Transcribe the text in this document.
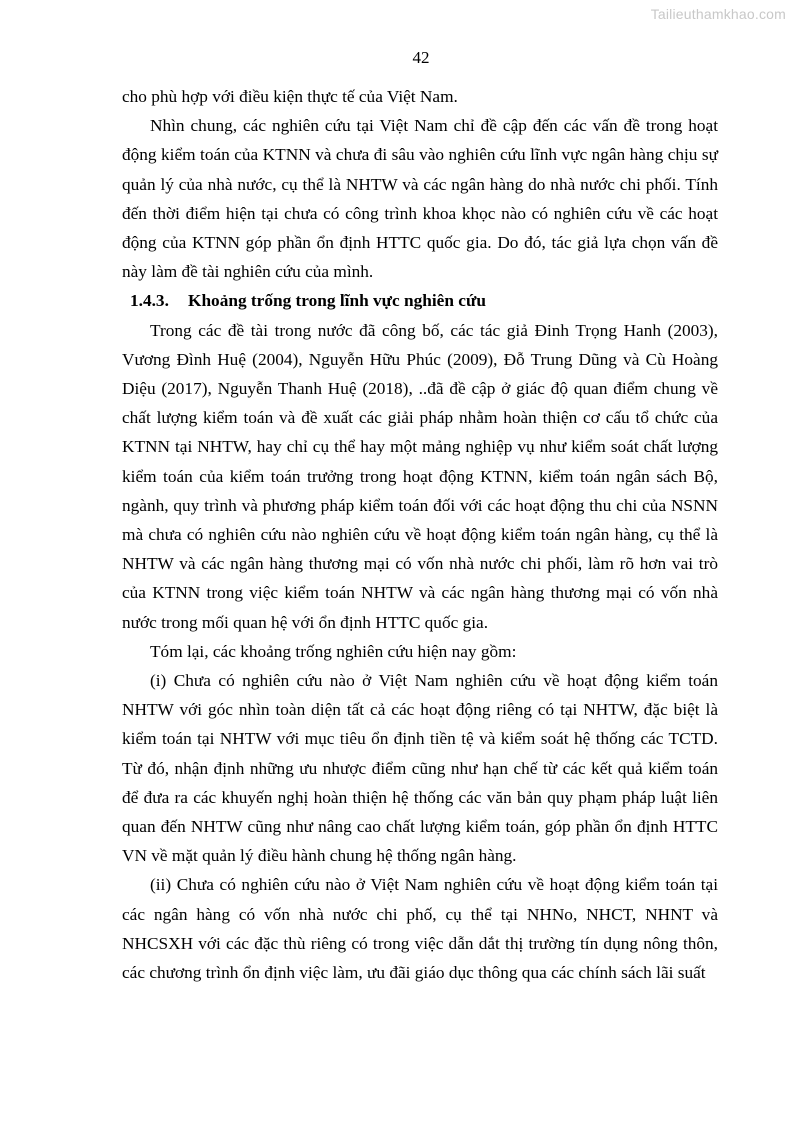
Tailieuthamkhao.com
42

cho phù hợp với điều kiện thực tế của Việt Nam.

Nhìn chung, các nghiên cứu tại Việt Nam chỉ đề cập đến các vấn đề trong hoạt động kiểm toán của KTNN và chưa đi sâu vào nghiên cứu lĩnh vực ngân hàng chịu sự quản lý của nhà nước, cụ thể là NHTW và các ngân hàng do nhà nước chi phối. Tính đến thời điểm hiện tại chưa có công trình khoa khọc nào có nghiên cứu về các hoạt động của KTNN góp phần ổn định HTTC quốc gia. Do đó, tác giả lựa chọn vấn đề này làm đề tài nghiên cứu của mình.

1.4.3.	Khoảng trống trong lĩnh vực nghiên cứu

Trong các đề tài trong nước đã công bố, các tác giả Đinh Trọng Hanh (2003), Vương Đình Huệ (2004), Nguyễn Hữu Phúc (2009), Đỗ Trung Dũng và Cù Hoàng Diệu (2017), Nguyễn Thanh Huệ (2018), ..đã đề cập ở giác độ quan điểm chung về chất lượng kiểm toán và đề xuất các giải pháp nhằm hoàn thiện cơ cấu tổ chức của KTNN tại NHTW, hay chỉ cụ thể hay một mảng nghiệp vụ như kiểm soát chất lượng kiểm toán của kiểm toán trưởng trong hoạt động KTNN, kiểm toán ngân sách Bộ, ngành, quy trình và phương pháp kiểm toán đối với các hoạt động thu chi của NSNN mà chưa có nghiên cứu nào nghiên cứu về hoạt động kiểm toán ngân hàng, cụ thể là NHTW và các ngân hàng thương mại có vốn nhà nước chi phối, làm rõ hơn vai trò của KTNN trong việc kiểm toán NHTW và các ngân hàng thương mại có vốn nhà nước trong mối quan hệ với ổn định HTTC quốc gia.

Tóm lại, các khoảng trống nghiên cứu hiện nay gồm:

(i) Chưa có nghiên cứu nào ở Việt Nam nghiên cứu về hoạt động kiểm toán NHTW với góc nhìn toàn diện tất cả các hoạt động riêng có tại NHTW, đặc biệt là kiểm toán tại NHTW với mục tiêu ổn định tiền tệ và kiểm soát hệ thống các TCTD. Từ đó, nhận định những ưu nhược điểm cũng như hạn chế từ các kết quả kiểm toán để đưa ra các khuyến nghị hoàn thiện hệ thống các văn bản quy phạm pháp luật liên quan đến NHTW cũng như nâng cao chất lượng kiểm toán, góp phần ổn định HTTC VN về mặt quản lý điều hành chung hệ thống ngân hàng.

(ii) Chưa có nghiên cứu nào ở Việt Nam nghiên cứu về hoạt động kiểm toán tại các ngân hàng có vốn nhà nước chi phố, cụ thể tại NHNo, NHCT, NHNT và NHCSXH với các đặc thù riêng có trong việc dẫn dắt thị trường tín dụng nông thôn, các chương trình ổn định việc làm, ưu đãi giáo dục thông qua các chính sách lãi suất
